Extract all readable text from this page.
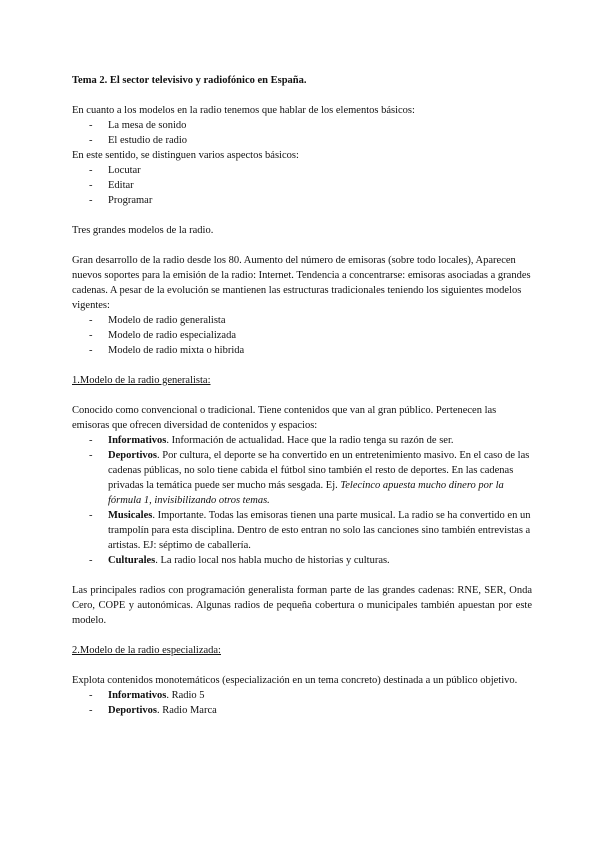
Tema 2. El sector televisivo y radiofónico en España.

En cuanto a los modelos en la radio tenemos que hablar de los elementos básicos:

- La mesa de sonido
- El estudio de radio

En este sentido, se distinguen varios aspectos básicos:

- Locutar
- Editar
- Programar

Tres grandes modelos de la radio.

Gran desarrollo de la radio desde los 80. Aumento del número de emisoras (sobre todo locales), Aparecen nuevos soportes para la emisión de la radio: Internet. Tendencia a concentrarse: emisoras asociadas a grandes cadenas. A pesar de la evolución se mantienen las estructuras tradicionales teniendo los siguientes modelos vigentes:

- Modelo de radio generalista
- Modelo de radio especializada
- Modelo de radio mixta o hibrida

1.Modelo de la radio generalista:

Conocido como convencional o tradicional. Tiene contenidos que van al gran público. Pertenecen las emisoras que ofrecen diversidad de contenidos y espacios:

- Informativos. Información de actualidad. Hace que la radio tenga su razón de ser.
- Deportivos. Por cultura, el deporte se ha convertido en un entretenimiento masivo. En el caso de las cadenas públicas, no solo tiene cabida el fútbol sino también el resto de deportes. En las cadenas privadas la temática puede ser mucho más sesgada. Ej. Telecinco apuesta mucho dinero por la fórmula 1, invisibilizando otros temas.
- Musicales. Importante. Todas las emisoras tienen una parte musical. La radio se ha convertido en un trampolín para esta disciplina. Dentro de esto entran no solo las canciones sino también entrevistas a artistas. EJ: séptimo de caballería.
- Culturales. La radio local nos habla mucho de historias y culturas.

Las principales radios con programación generalista forman parte de las grandes cadenas: RNE, SER, Onda Cero, COPE y autonómicas. Algunas radios de pequeña cobertura o municipales también apuestan por este modelo.

2.Modelo de la radio especializada:

Explota contenidos monotemáticos (especialización en un tema concreto) destinada a un público objetivo.

- Informativos. Radio 5
- Deportivos. Radio Marca
